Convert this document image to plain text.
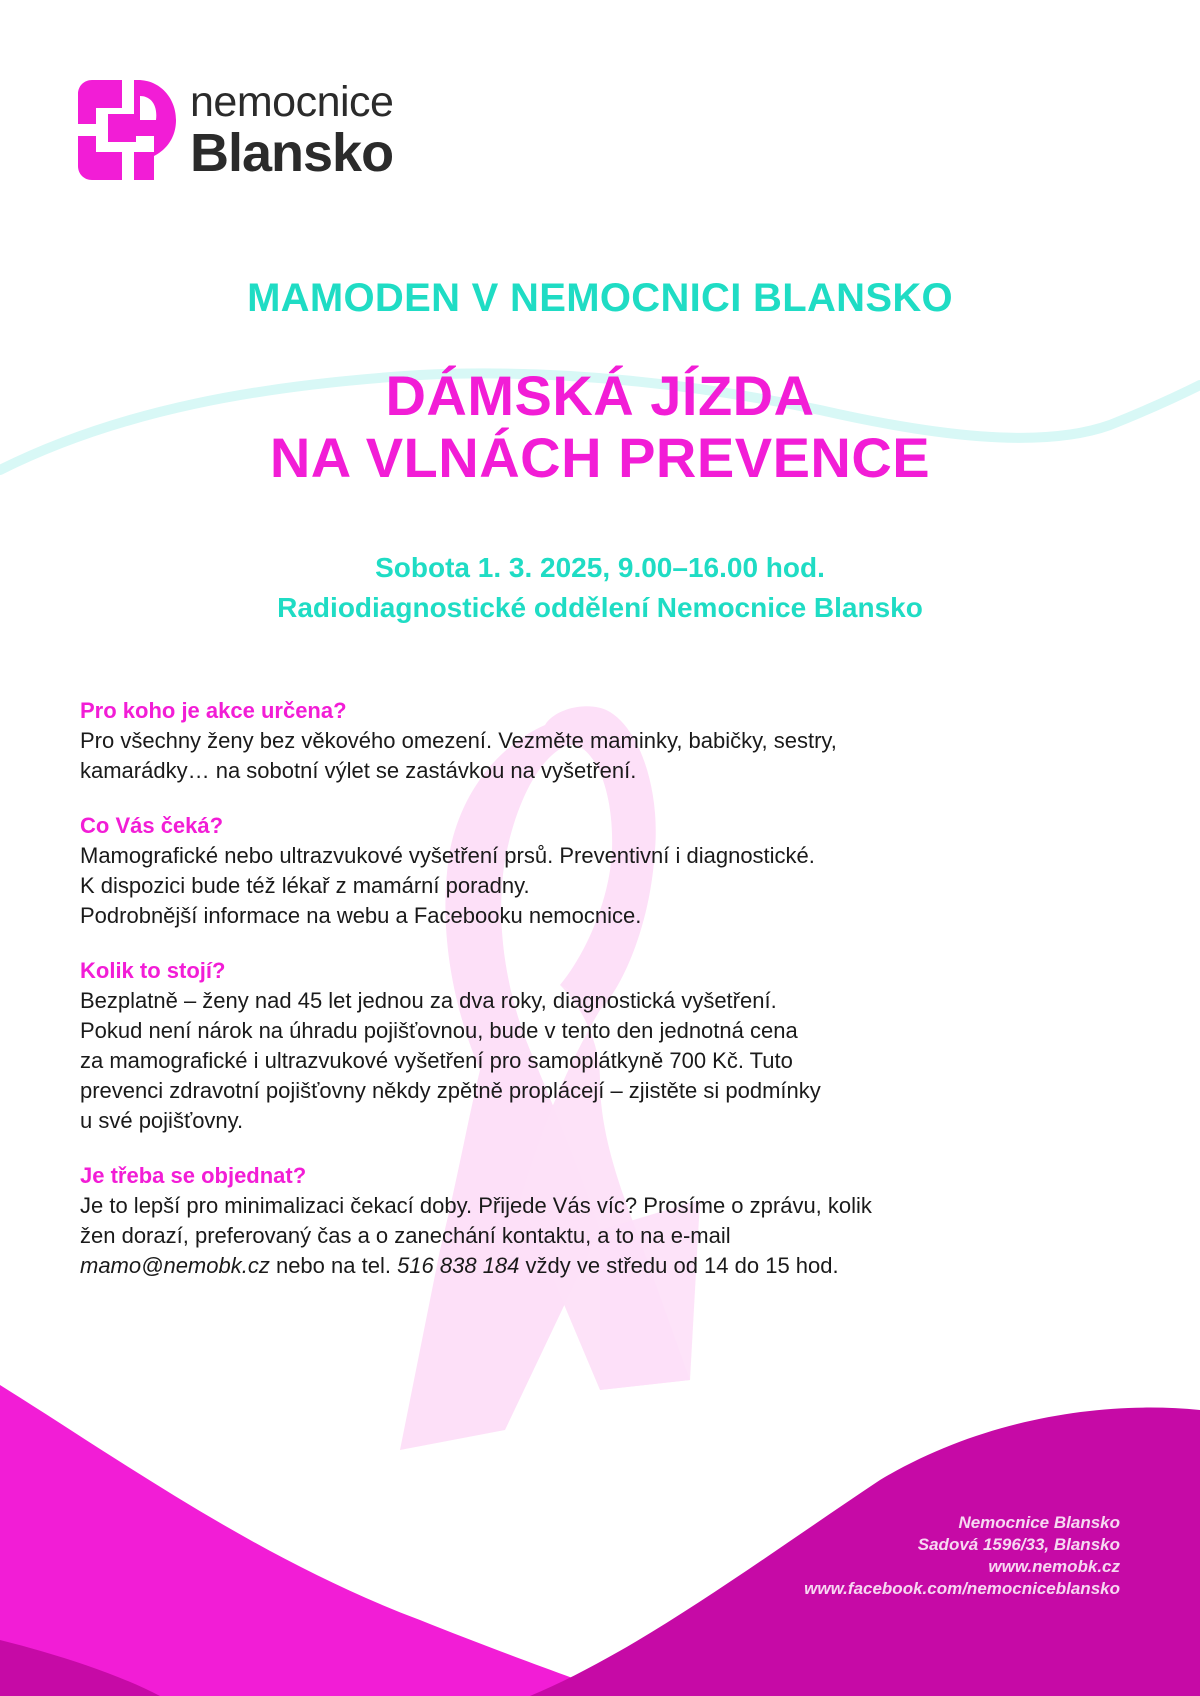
nemocnice
Blansko
MAMODEN V NEMOCNICI BLANSKO
DÁMSKÁ JÍZDA
NA VLNÁCH PREVENCE
Sobota 1. 3. 2025, 9.00–16.00 hod.
Radiodiagnostické oddělení Nemocnice Blansko
Pro koho je akce určena?

Pro všechny ženy bez věkového omezení. Vezměte maminky, babičky, sestry,

kamarádky… na sobotní výlet se zastávkou na vyšetření.

Co Vás čeká?

Mamografické nebo ultrazvukové vyšetření prsů. Preventivní i diagnostické.

K dispozici bude též lékař z mamární poradny.

Podrobnější informace na webu a Facebooku nemocnice.

Kolik to stojí?

Bezplatně – ženy nad 45 let jednou za dva roky, diagnostická vyšetření.

Pokud není nárok na úhradu pojišťovnou, bude v tento den jednotná cena

za mamografické i ultrazvukové vyšetření pro samoplátkyně 700 Kč. Tuto

prevenci zdravotní pojišťovny někdy zpětně proplácejí – zjistěte si podmínky

u své pojišťovny.

Je třeba se objednat?

Je to lepší pro minimalizaci čekací doby. Přijede Vás víc? Prosíme o zprávu, kolik

žen dorazí, preferovaný čas a o zanechání kontaktu, a to na e-mail

mamo@nemobk.cz nebo na tel. 516 838 184 vždy ve středu od 14 do 15 hod.

Nemocnice Blansko
Sadová 1596/33, Blansko
www.nemobk.cz
www.facebook.com/nemocniceblansko
